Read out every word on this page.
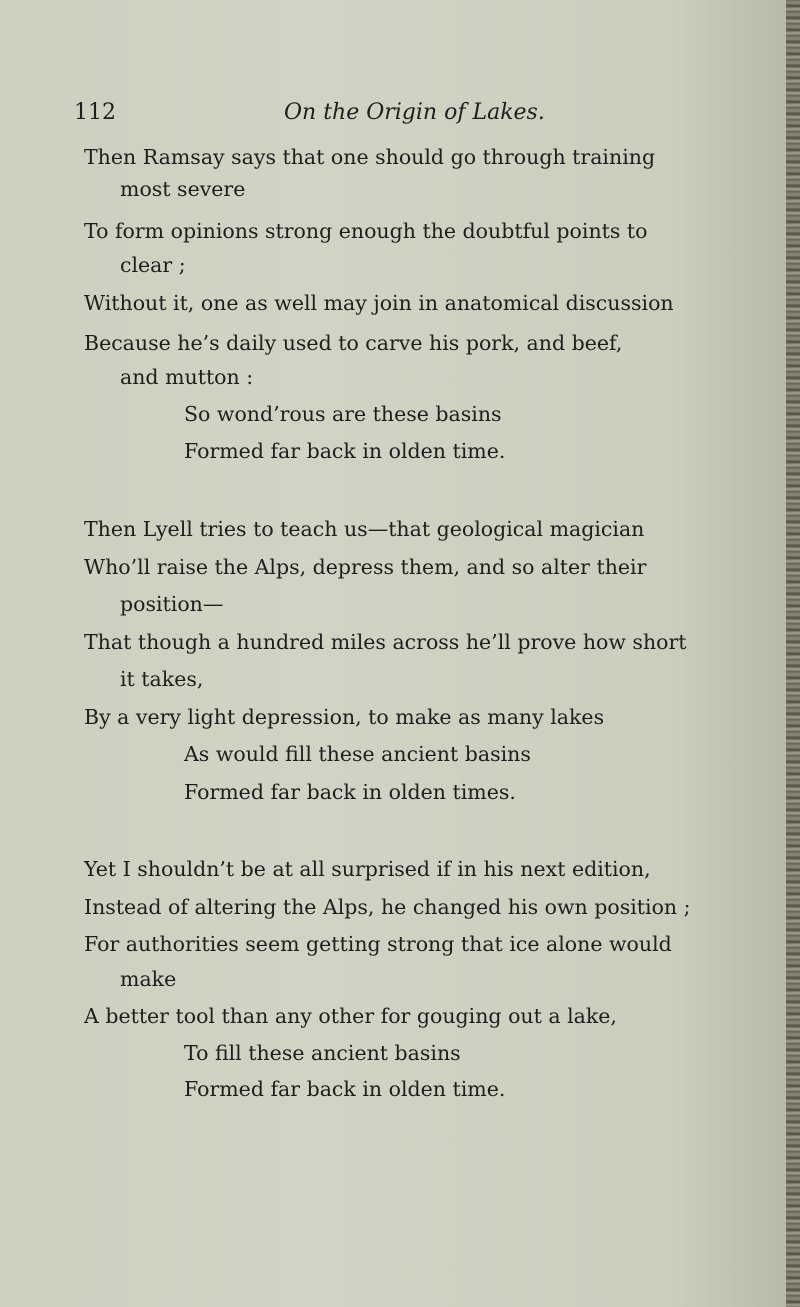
112	On the Origin of Lakes.
Then Ramsay says that one should go through training
most severe
To form opinions strong enough the doubtful points to
clear ;
Without it, one as well may join in anatomical discussion
Because he’s daily used to carve his pork, and beef,
and mutton :
So wond’rous are these basins
Formed far back in olden time.
Then Lyell tries to teach us—that geological magician
Who’ll raise the Alps, depress them, and so alter their
position—
That though a hundred miles across he’ll prove how short
it takes,
By a very light depression, to make as many lakes
As would fill these ancient basins
Formed far back in olden times.
Yet I shouldn’t be at all surprised if in his next edition,
Instead of altering the Alps, he changed his own position ;
For authorities seem getting strong that ice alone would
make
A better tool than any other for gouging out a lake,
To fill these ancient basins
Formed far back in olden time.
